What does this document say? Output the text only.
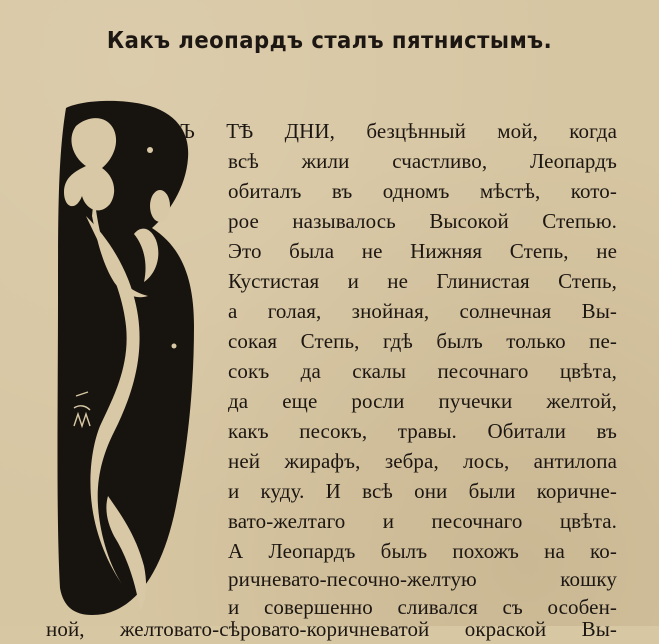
Какъ леопардъ сталъ пятнистымъ.
Ъ ТѢ ДНИ, безцѣнный мой, когда
всѣ жили счастливо, Леопардъ
обиталъ въ одномъ мѣстѣ, кото-
рое называлось Высокой Степью.
Это была не Нижняя Степь, не
Кустистая и не Глинистая Степь,
а голая, знойная, солнечная Вы-
сокая Степь, гдѣ былъ только пе-
сокъ да скалы песочнаго цвѣта,
да еще росли пучечки желтой,
какъ песокъ, травы. Обитали въ
ней жирафъ, зебра, лось, антилопа
и куду. И всѣ они были коричне-
вато-желтаго и песочнаго цвѣта.
А Леопардъ былъ похожъ на ко-
ричневато-песочно-желтую кошку
и совершенно сливался съ особен-
ной, желтовато-сѣровато-коричневатой окраской Вы-
